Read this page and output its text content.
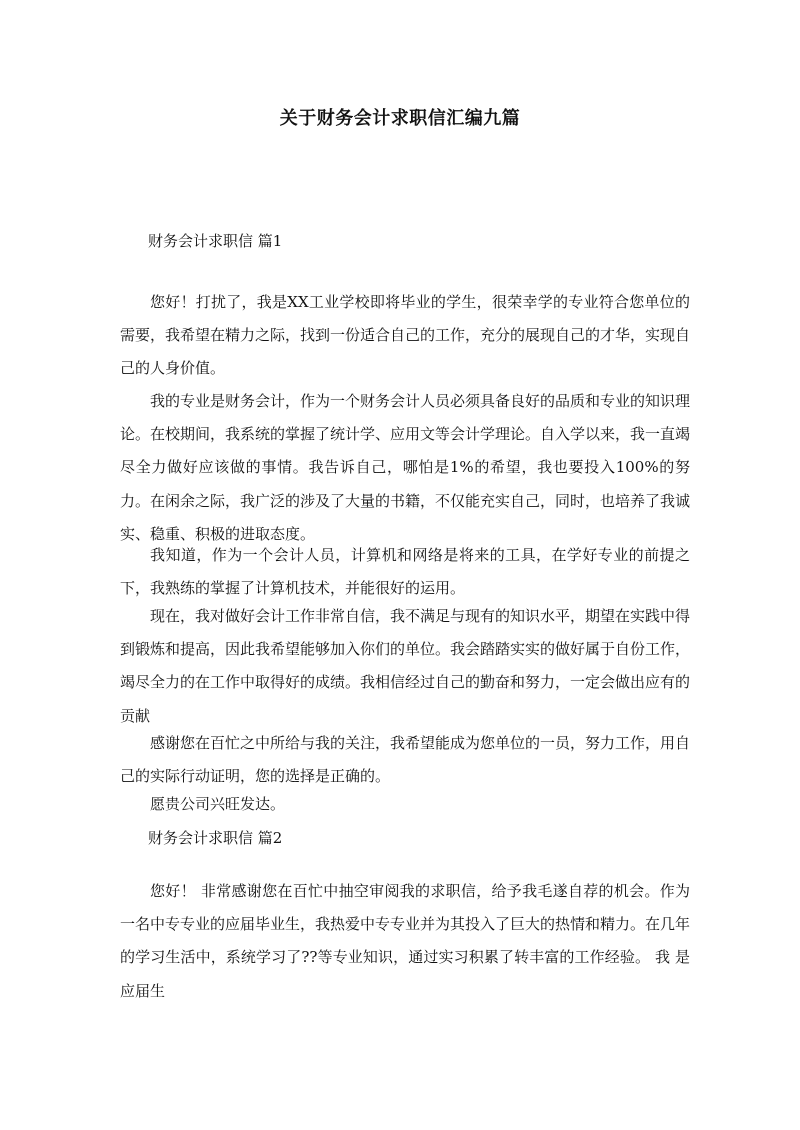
关于财务会计求职信汇编九篇
财务会计求职信 篇1

您好！打扰了，我是XX工业学校即将毕业的学生，很荣幸学的专业符合您单位的需要，我希望在精力之际，找到一份适合自己的工作，充分的展现自己的才华，实现自己的人身价值。

我的专业是财务会计，作为一个财务会计人员必须具备良好的品质和专业的知识理论。在校期间，我系统的掌握了统计学、应用文等会计学理论。自入学以来，我一直竭尽全力做好应该做的事情。我告诉自己，哪怕是1%的希望，我也要投入100%的努力。在闲余之际，我广泛的涉及了大量的书籍，不仅能充实自己，同时，也培养了我诚实、稳重、积极的进取态度。

我知道，作为一个会计人员，计算机和网络是将来的工具，在学好专业的前提之下，我熟练的掌握了计算机技术，并能很好的运用。

现在，我对做好会计工作非常自信，我不满足与现有的知识水平，期望在实践中得到锻炼和提高，因此我希望能够加入你们的单位。我会踏踏实实的做好属于自份工作，竭尽全力的在工作中取得好的成绩。我相信经过自己的勤奋和努力，一定会做出应有的贡献

感谢您在百忙之中所给与我的关注，我希望能成为您单位的一员，努力工作，用自己的实际行动证明，您的选择是正确的。

愿贵公司兴旺发达。

财务会计求职信 篇2

您好！ 非常感谢您在百忙中抽空审阅我的求职信，给予我毛遂自荐的机会。作为　一名中专专业的应届毕业生，我热爱中专专业并为其投入了巨大的热情和精力。在几年的学习生活中，系统学习了??等专业知识，通过实习积累了转丰富的工作经验。 我 是应届生
